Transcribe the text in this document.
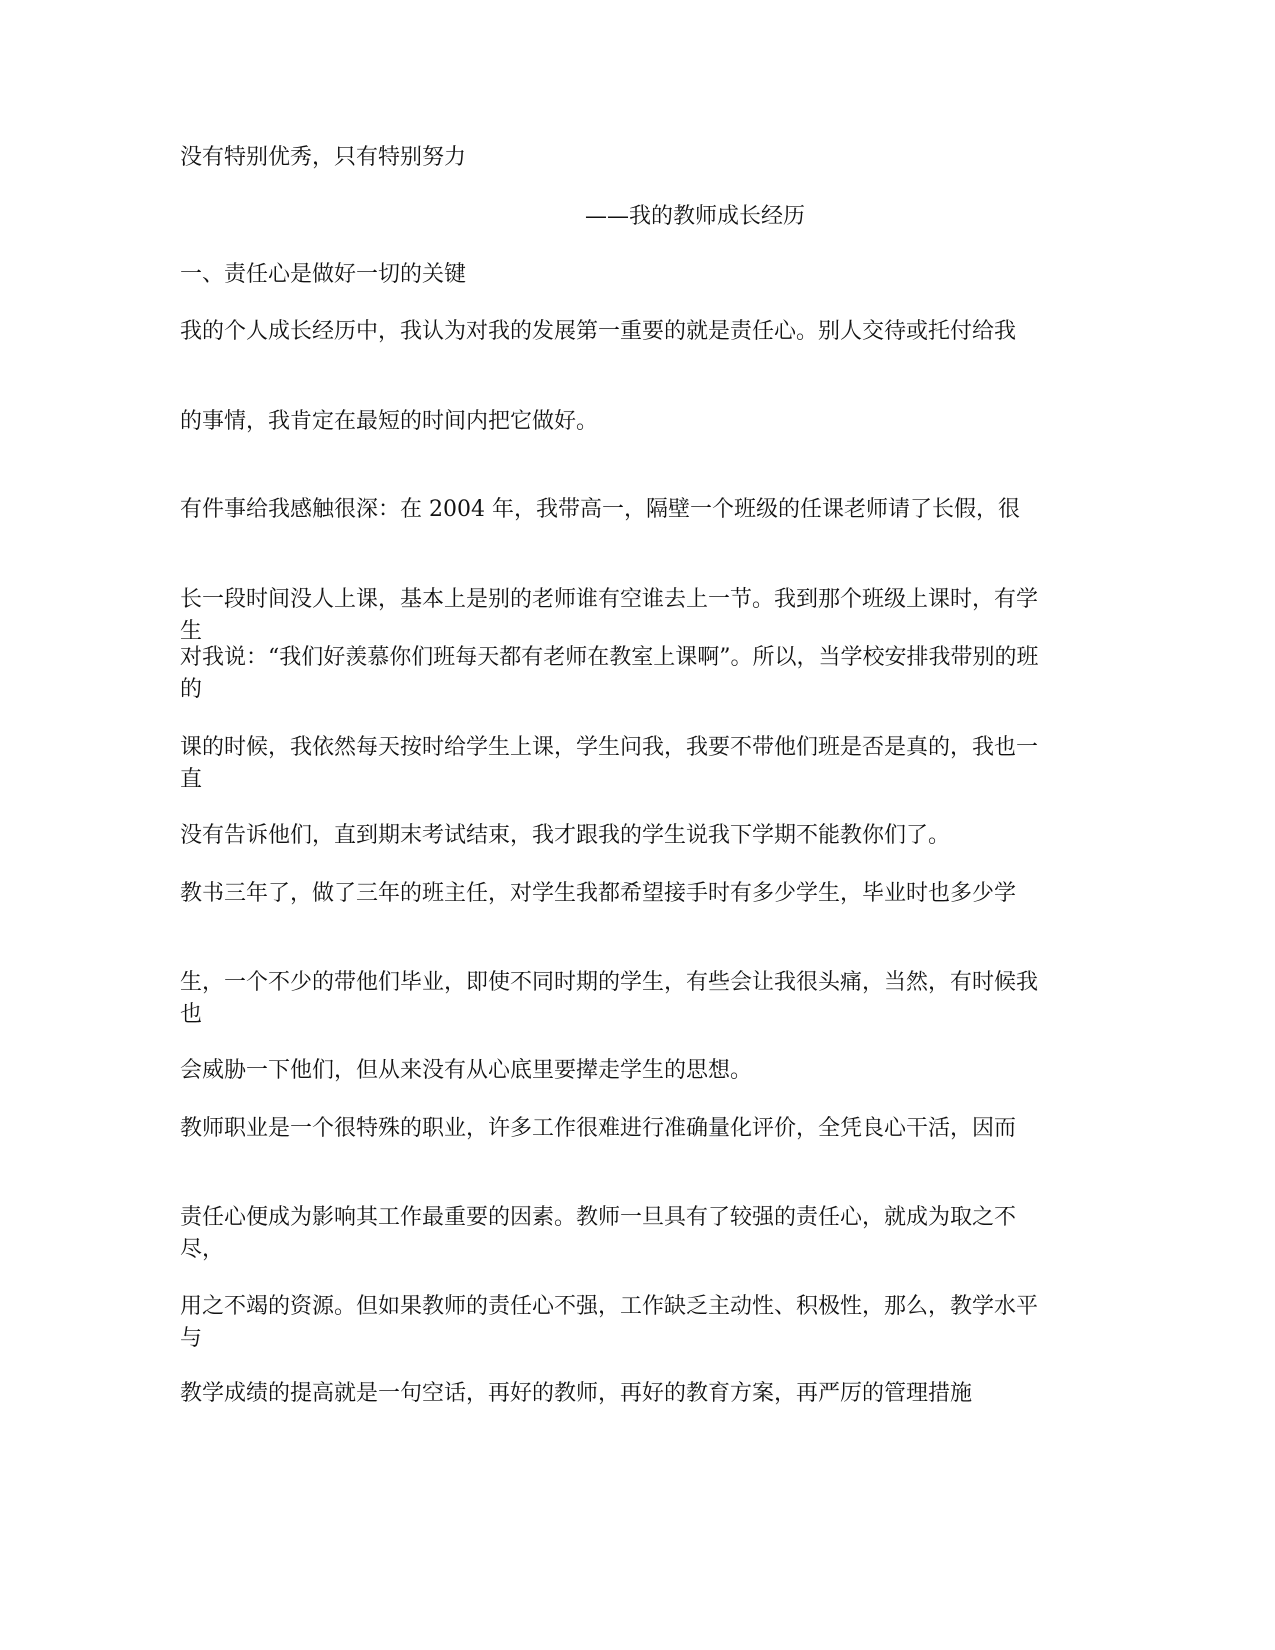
没有特别优秀，只有特别努力
——我的教师成长经历
一、责任心是做好一切的关键
我的个人成长经历中，我认为对我的发展第一重要的就是责任心。别人交待或托付给我
的事情，我肯定在最短的时间内把它做好。
有件事给我感触很深：在 2004 年，我带高一，隔壁一个班级的任课老师请了长假，很
长一段时间没人上课，基本上是别的老师谁有空谁去上一节。我到那个班级上课时，有学生
对我说：“我们好羡慕你们班每天都有老师在教室上课啊”。所以，当学校安排我带别的班的
课的时候，我依然每天按时给学生上课，学生问我，我要不带他们班是否是真的，我也一直
没有告诉他们，直到期末考试结束，我才跟我的学生说我下学期不能教你们了。
教书三年了，做了三年的班主任，对学生我都希望接手时有多少学生，毕业时也多少学
生，一个不少的带他们毕业，即使不同时期的学生，有些会让我很头痛，当然，有时候我也
会威胁一下他们，但从来没有从心底里要撵走学生的思想。
教师职业是一个很特殊的职业，许多工作很难进行准确量化评价，全凭良心干活，因而
责任心便成为影响其工作最重要的因素。教师一旦具有了较强的责任心，就成为取之不尽，
用之不竭的资源。但如果教师的责任心不强，工作缺乏主动性、积极性，那么，教学水平与
教学成绩的提高就是一句空话，再好的教师，再好的教育方案，再严厉的管理措施
